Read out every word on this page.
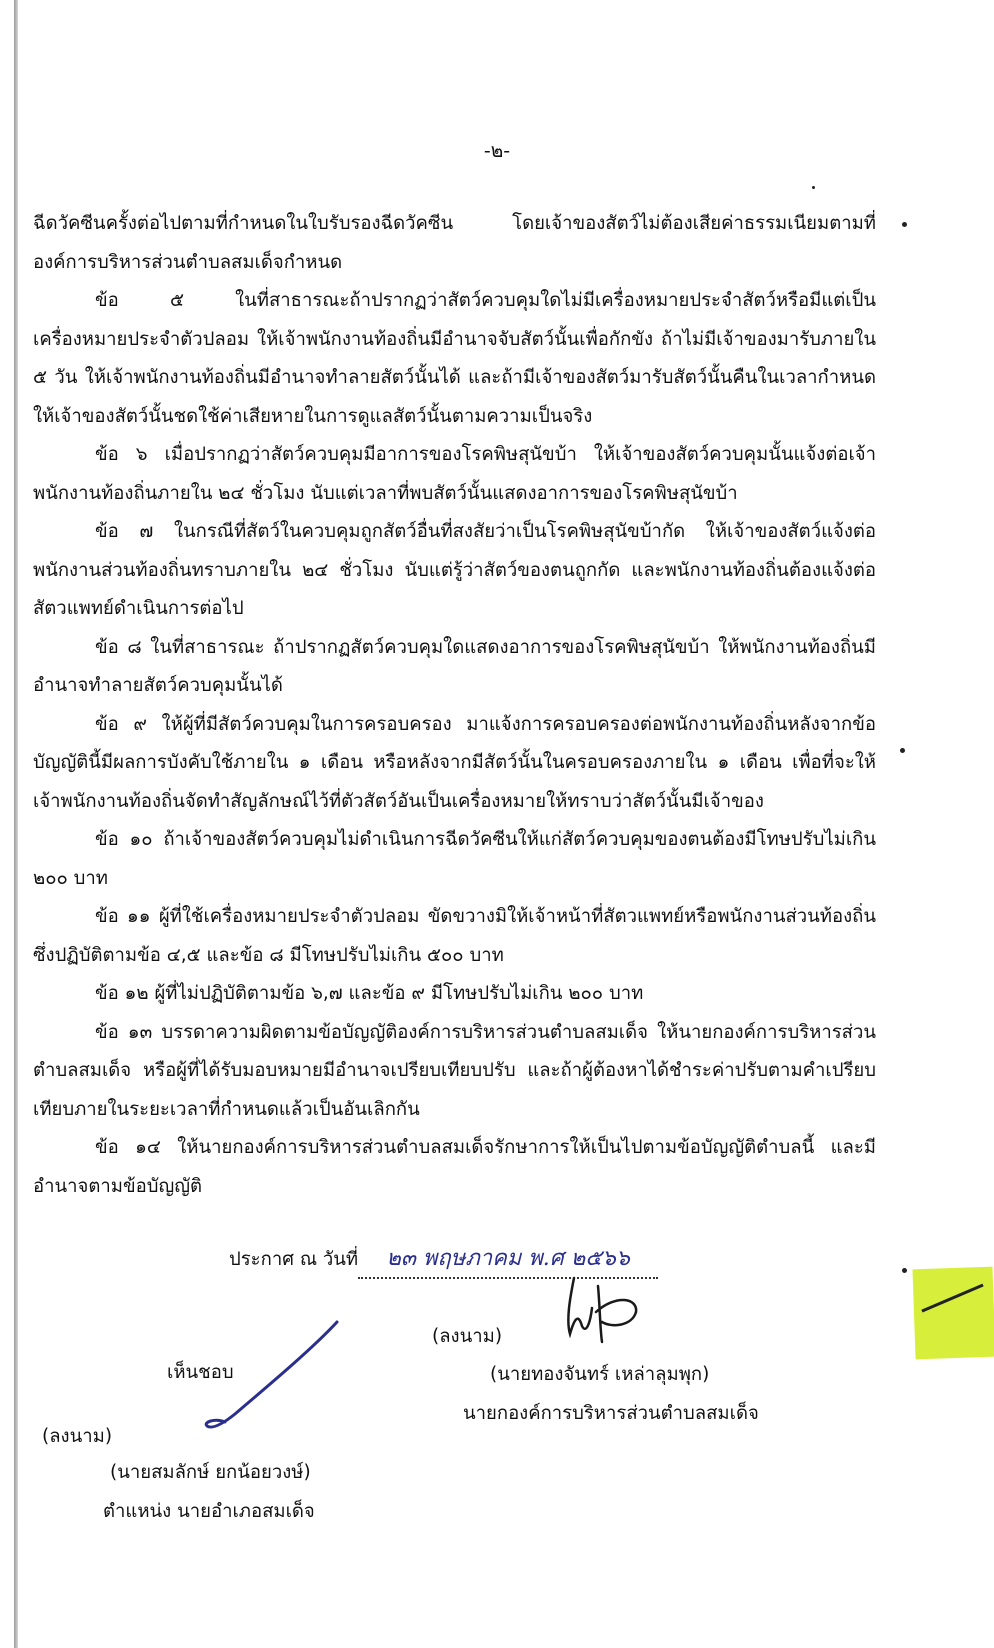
-๒-

ฉีดวัคซีนครั้งต่อไปตามที่กำหนดในใบรับรองฉีดวัคซีน โดยเจ้าของสัตว์ไม่ต้องเสียค่าธรรมเนียมตามที่องค์การบริหารส่วนตำบลสมเด็จกำหนด

ข้อ ๕ ในที่สาธารณะถ้าปรากฏว่าสัตว์ควบคุมใดไม่มีเครื่องหมายประจำสัตว์หรือมีแต่เป็นเครื่องหมายประจำตัวปลอม ให้เจ้าพนักงานท้องถิ่นมีอำนาจจับสัตว์นั้นเพื่อกักขัง ถ้าไม่มีเจ้าของมารับภายใน ๕ วัน ให้เจ้าพนักงานท้องถิ่นมีอำนาจทำลายสัตว์นั้นได้ และถ้ามีเจ้าของสัตว์มารับสัตว์นั้นคืนในเวลากำหนดให้เจ้าของสัตว์นั้นชดใช้ค่าเสียหายในการดูแลสัตว์นั้นตามความเป็นจริง

ข้อ ๖ เมื่อปรากฏว่าสัตว์ควบคุมมีอาการของโรคพิษสุนัขบ้า ให้เจ้าของสัตว์ควบคุมนั้นแจ้งต่อเจ้าพนักงานท้องถิ่นภายใน ๒๔ ชั่วโมง นับแต่เวลาที่พบสัตว์นั้นแสดงอาการของโรคพิษสุนัขบ้า

ข้อ ๗ ในกรณีที่สัตว์ในควบคุมถูกสัตว์อื่นที่สงสัยว่าเป็นโรคพิษสุนัขบ้ากัด ให้เจ้าของสัตว์แจ้งต่อพนักงานส่วนท้องถิ่นทราบภายใน ๒๔ ชั่วโมง นับแต่รู้ว่าสัตว์ของตนถูกกัด และพนักงานท้องถิ่นต้องแจ้งต่อสัตวแพทย์ดำเนินการต่อไป

ข้อ ๘ ในที่สาธารณะ ถ้าปรากฏสัตว์ควบคุมใดแสดงอาการของโรคพิษสุนัขบ้า ให้พนักงานท้องถิ่นมีอำนาจทำลายสัตว์ควบคุมนั้นได้

ข้อ ๙ ให้ผู้ที่มีสัตว์ควบคุมในการครอบครอง มาแจ้งการครอบครองต่อพนักงานท้องถิ่นหลังจากข้อบัญญัตินี้มีผลการบังคับใช้ภายใน ๑ เดือน หรือหลังจากมีสัตว์นั้นในครอบครองภายใน ๑ เดือน เพื่อที่จะให้เจ้าพนักงานท้องถิ่นจัดทำสัญลักษณ์ไว้ที่ตัวสัตว์อันเป็นเครื่องหมายให้ทราบว่าสัตว์นั้นมีเจ้าของ

ข้อ ๑๐ ถ้าเจ้าของสัตว์ควบคุมไม่ดำเนินการฉีดวัคซีนให้แก่สัตว์ควบคุมของตนต้องมีโทษปรับไม่เกิน ๒๐๐ บาท

ข้อ ๑๑ ผู้ที่ใช้เครื่องหมายประจำตัวปลอม ขัดขวางมิให้เจ้าหน้าที่สัตวแพทย์หรือพนักงานส่วนท้องถิ่นซึ่งปฏิบัติตามข้อ ๔,๕ และข้อ ๘ มีโทษปรับไม่เกิน ๕๐๐ บาท

ข้อ ๑๒ ผู้ที่ไม่ปฏิบัติตามข้อ ๖,๗ และข้อ ๙ มีโทษปรับไม่เกิน ๒๐๐ บาท

ข้อ ๑๓ บรรดาความผิดตามข้อบัญญัติองค์การบริหารส่วนตำบลสมเด็จ ให้นายกองค์การบริหารส่วนตำบลสมเด็จ หรือผู้ที่ได้รับมอบหมายมีอำนาจเปรียบเทียบปรับ และถ้าผู้ต้องหาได้ชำระค่าปรับตามคำเปรียบเทียบภายในระยะเวลาที่กำหนดแล้วเป็นอันเลิกกัน

ข้อ ๑๔ ให้นายกองค์การบริหารส่วนตำบลสมเด็จรักษาการให้เป็นไปตามข้อบัญญัติตำบลนี้ และมีอำนาจตามข้อบัญญัติ

ประกาศ ณ วันที่ ๒๓ พฤษภาคม พ.ศ ๒๕๖๖
(ลงนาม)
(นายทองจันทร์ เหล่าลุมพุก)
นายกองค์การบริหารส่วนตำบลสมเด็จ
เห็นชอบ
(ลงนาม)
(นายสมลักษ์ ยกน้อยวงษ์)
ตำแหน่ง นายอำเภอสมเด็จ
